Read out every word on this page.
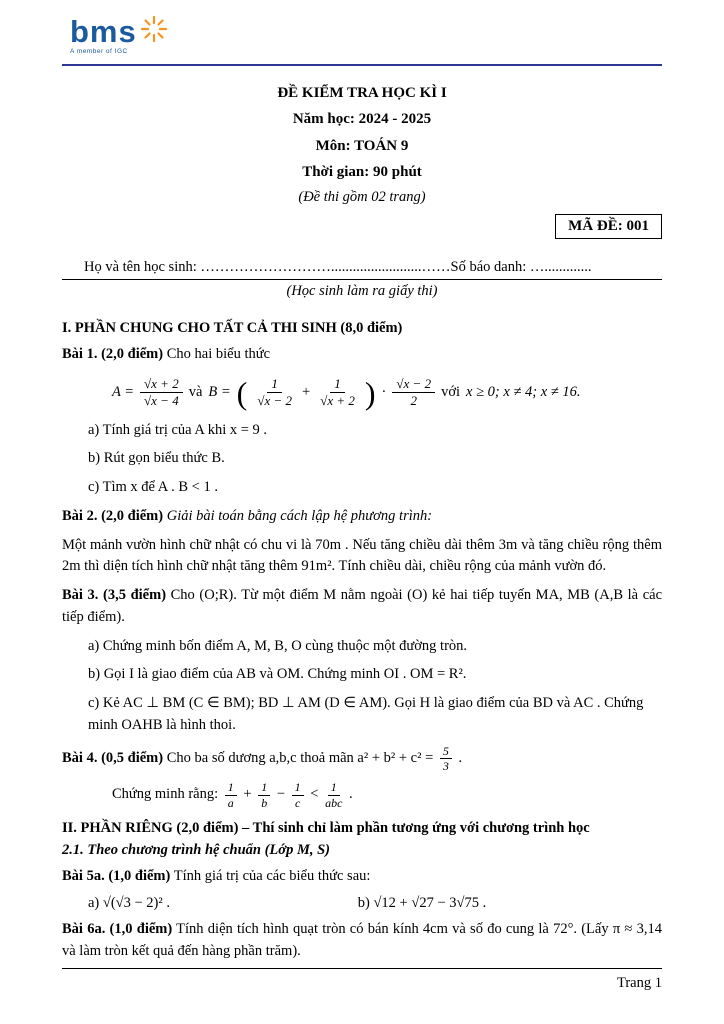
bms
A member of IGC
ĐỀ KIỂM TRA HỌC KÌ I
Năm học: 2024 - 2025
Môn: TOÁN 9
Thời gian: 90 phút
(Đề thi gồm 02 trang)
MÃ ĐỀ: 001
Họ và tên học sinh: ……………………….........................……Số báo danh: ….............
(Học sinh làm ra giấy thi)
I. PHẦN CHUNG CHO TẤT CẢ THI SINH (8,0 điểm)

Bài 1. (2,0 điểm) Cho hai biểu thức

$A = \frac{√x + 2}{√x - 4}$ và B = ( $\frac{1}{√x - 2} + \frac{1}{√x + 2}$ ) · $\frac{√x - 2}{2}$ với x ≥ 0; x ≠ 4; x ≠ 16.
a) Tính giá trị của A khi x = 9 .
b) Rút gọn biểu thức B.
c) Tìm x để A . B < 1 .

Bài 2. (2,0 điểm) Giải bài toán bằng cách lập hệ phương trình:

Một mảnh vườn hình chữ nhật có chu vi là 70m . Nếu tăng chiều dài thêm 3m và tăng chiều rộng thêm 2m thì diện tích hình chữ nhật tăng thêm 91m². Tính chiều dài, chiều rộng của mảnh vườn đó.

Bài 3. (3,5 điểm) Cho (O;R). Từ một điểm M nằm ngoài (O) kẻ hai tiếp tuyến MA, MB (A,B là các tiếp điểm).

a) Chứng minh bốn điểm A, M, B, O cùng thuộc một đường tròn.
b) Gọi I là giao điểm của AB và OM. Chứng minh OI . OM = R².
c) Kẻ AC ⊥ BM (C ∈ BM); BD ⊥ AM (D ∈ AM). Gọi H là giao điểm của BD và AC . Chứng minh OAHB là hình thoi.

Bài 4. (0,5 điểm) Cho ba số dương a,b,c thoả mãn $a^2 + b^2 + c^2 = \frac{5}{3}$ .

Chứng minh rằng: $\frac{1}{a} + \frac{1}{b} - \frac{1}{c} < \frac{1}{\text{abc}}$ .

II. PHẦN RIÊNG (2,0 điểm) – Thí sinh chỉ làm phần tương ứng với chương trình học
2.1. Theo chương trình hệ chuẩn (Lớp M, S)

Bài 5a. (1,0 điểm) Tính giá trị của các biểu thức sau:

a) √(√3 − 2)² .	b) √12 + √27 − 3√75 .

Bài 6a. (1,0 điểm) Tính diện tích hình quạt tròn có bán kính 4cm và số đo cung là 72°. (Lấy π ≈ 3,14 và làm tròn kết quả đến hàng phần trăm).

Trang 1
